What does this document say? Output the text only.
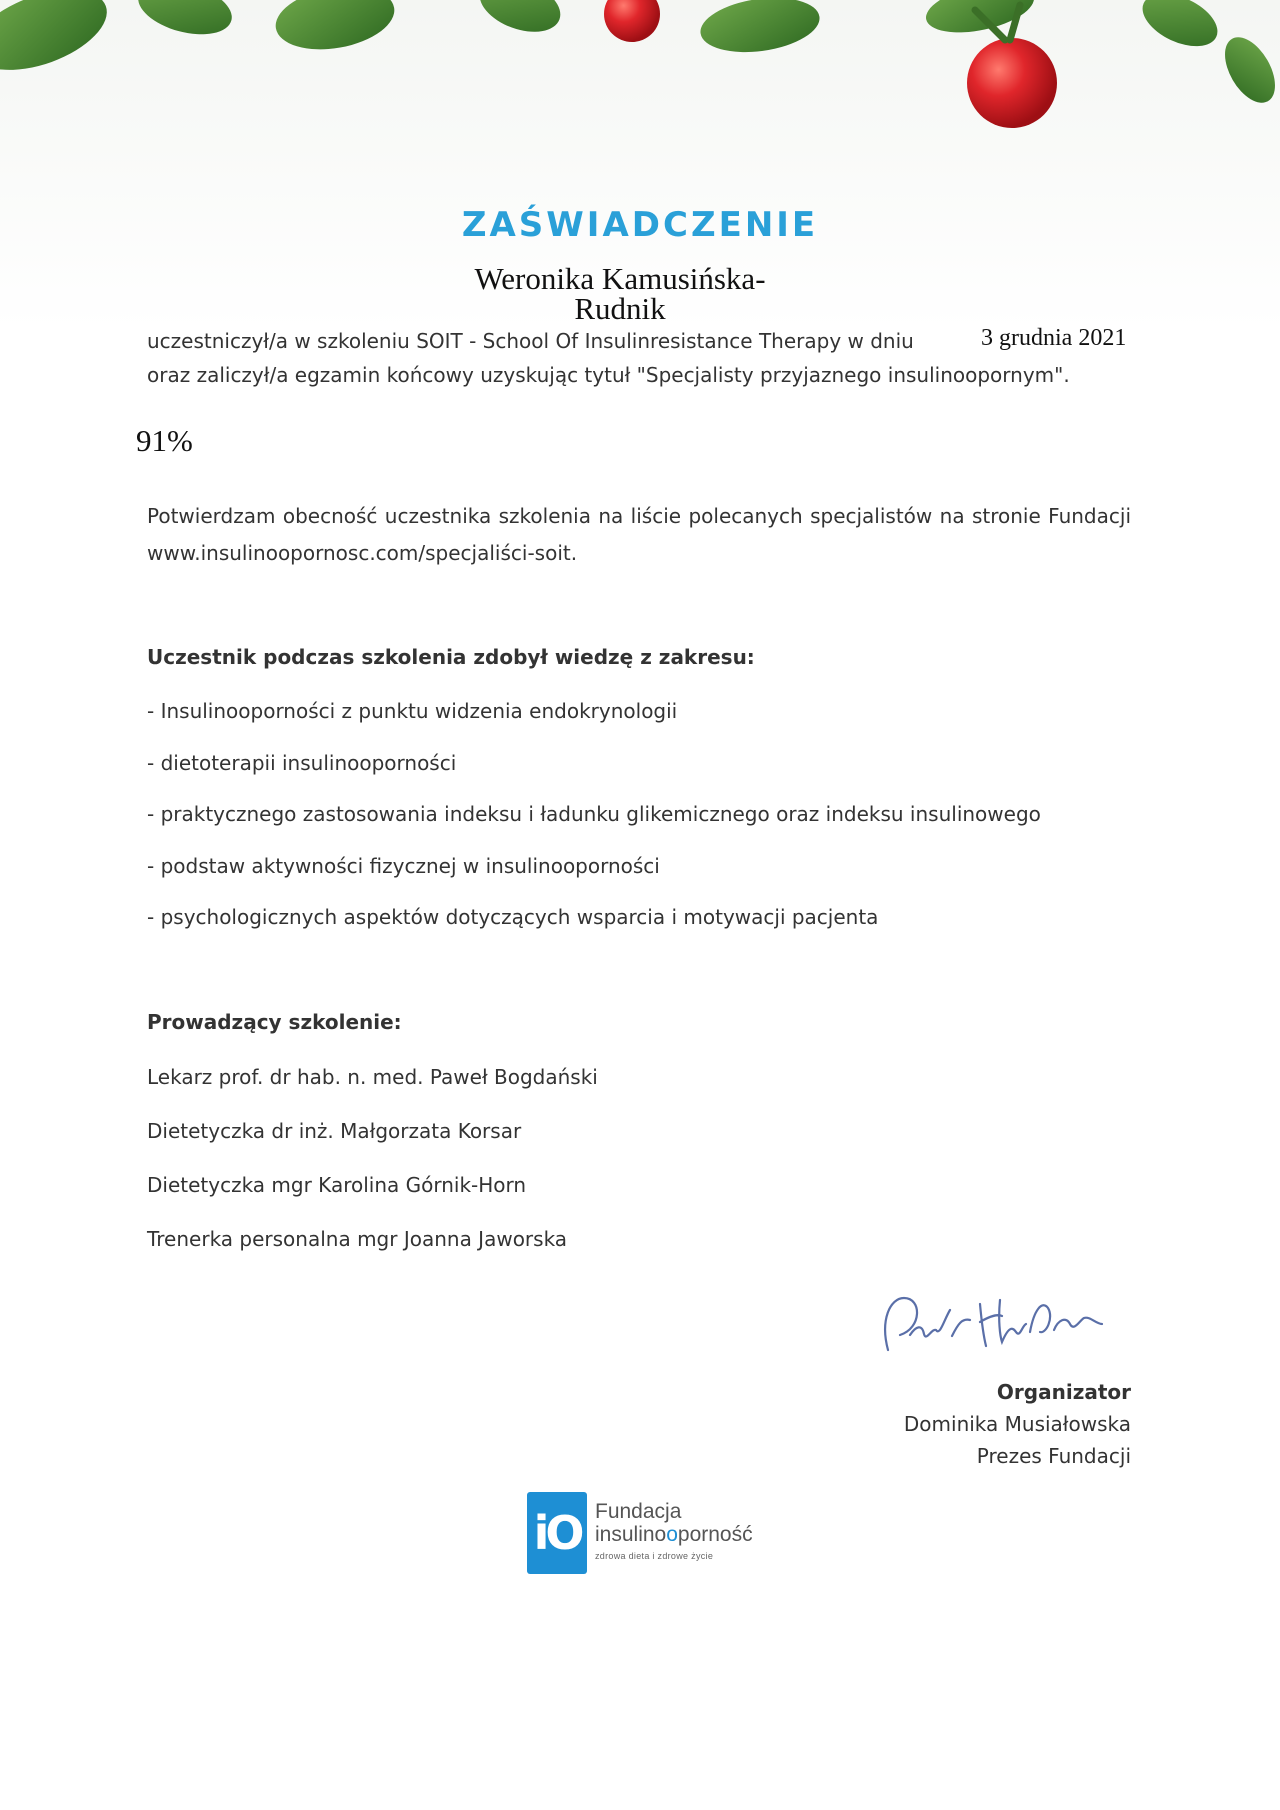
ZAŚWIADCZENIE
Weronika Kamusińska-
Rudnik
uczestniczył/a w szkoleniu SOIT - School Of Insulinresistance Therapy w dniu	3 grudnia 2021
oraz zaliczył/a egzamin końcowy uzyskując tytuł "Specjalisty przyjaznego insulinoopornym".
91%
Potwierdzam obecność uczestnika szkolenia na liście polecanych specjalistów na stronie Fundacji www.insulinoopornosc.com/specjaliści-soit.
Uczestnik podczas szkolenia zdobył wiedzę z zakresu:
- Insulinooporności z punktu widzenia endokrynologii
- dietoterapii insulinooporności
- praktycznego zastosowania indeksu i ładunku glikemicznego oraz indeksu insulinowego
- podstaw aktywności fizycznej w insulinooporności
- psychologicznych aspektów dotyczących wsparcia i motywacji pacjenta
Prowadzący szkolenie:
Lekarz prof. dr hab. n. med. Paweł Bogdański
Dietetyczka dr inż. Małgorzata Korsar
Dietetyczka mgr Karolina Górnik-Horn
Trenerka personalna mgr Joanna Jaworska
Organizator
Dominika Musiałowska
Prezes Fundacji
iO Fundacja
insulinooporność
zdrowa dieta i zdrowe życie
